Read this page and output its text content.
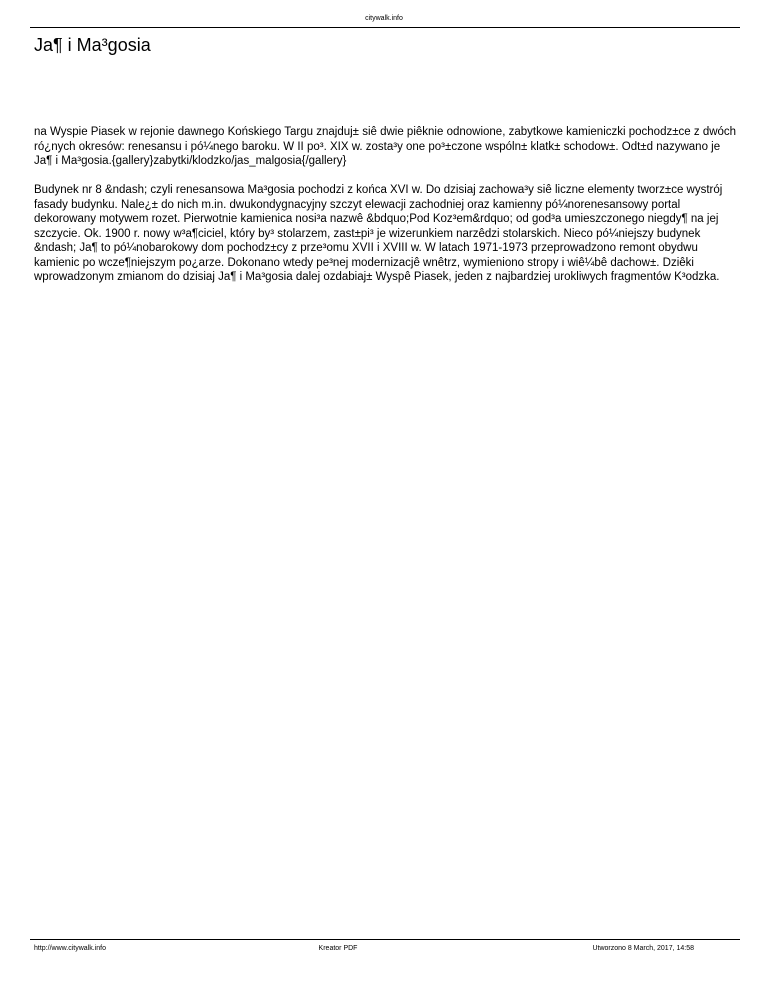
citywalk.info
Ja¶ i Ma³gosia

na Wyspie Piasek w rejonie dawnego Końskiego Targu znajduj± siê dwie piêknie odnowione, zabytkowe kamieniczki pochodz±ce z dwóch ró¿nych okresów: renesansu i pó¼nego baroku. W II po³. XIX w. zosta³y one po³±czone wspóln± klatk± schodow±. Odt±d nazywano je Ja¶ i Ma³gosia.{gallery}zabytki/klodzko/jas_malgosia{/gallery}

Budynek nr 8 &ndash; czyli renesansowa Ma³gosia pochodzi z końca XVI w. Do dzisiaj zachowa³y siê liczne elementy tworz±ce wystrój fasady budynku. Nale¿± do nich m.in. dwukondygnacyjny szczyt elewacji zachodniej oraz kamienny pó¼norenesansowy portal dekorowany motywem rozet. Pierwotnie kamienica nosi³a nazwê &bdquo;Pod Koz³em&rdquo; od god³a umieszczonego niegdy¶ na jej szczycie. Ok. 1900 r. nowy w³a¶ciciel, który by³ stolarzem, zast±pi³ je wizerunkiem narzêdzi stolarskich. Nieco pó¼niejszy budynek &ndash; Ja¶ to pó¼nobarokowy dom pochodz±cy z prze³omu XVII i XVIII w. W latach 1971-1973 przeprowadzono remont obydwu kamienic po wcze¶niejszym po¿arze. Dokonano wtedy pe³nej modernizacjê wnêtrz, wymieniono stropy i wiê¼bê dachow±. Dziêki wprowadzonym zmianom do dzisiaj Ja¶ i Ma³gosia dalej ozdabiaj± Wyspê Piasek, jeden z najbardziej urokliwych fragmentów K³odzka.

http://www.citywalk.info	Kreator PDF	Utworzono 8 March, 2017, 14:58
